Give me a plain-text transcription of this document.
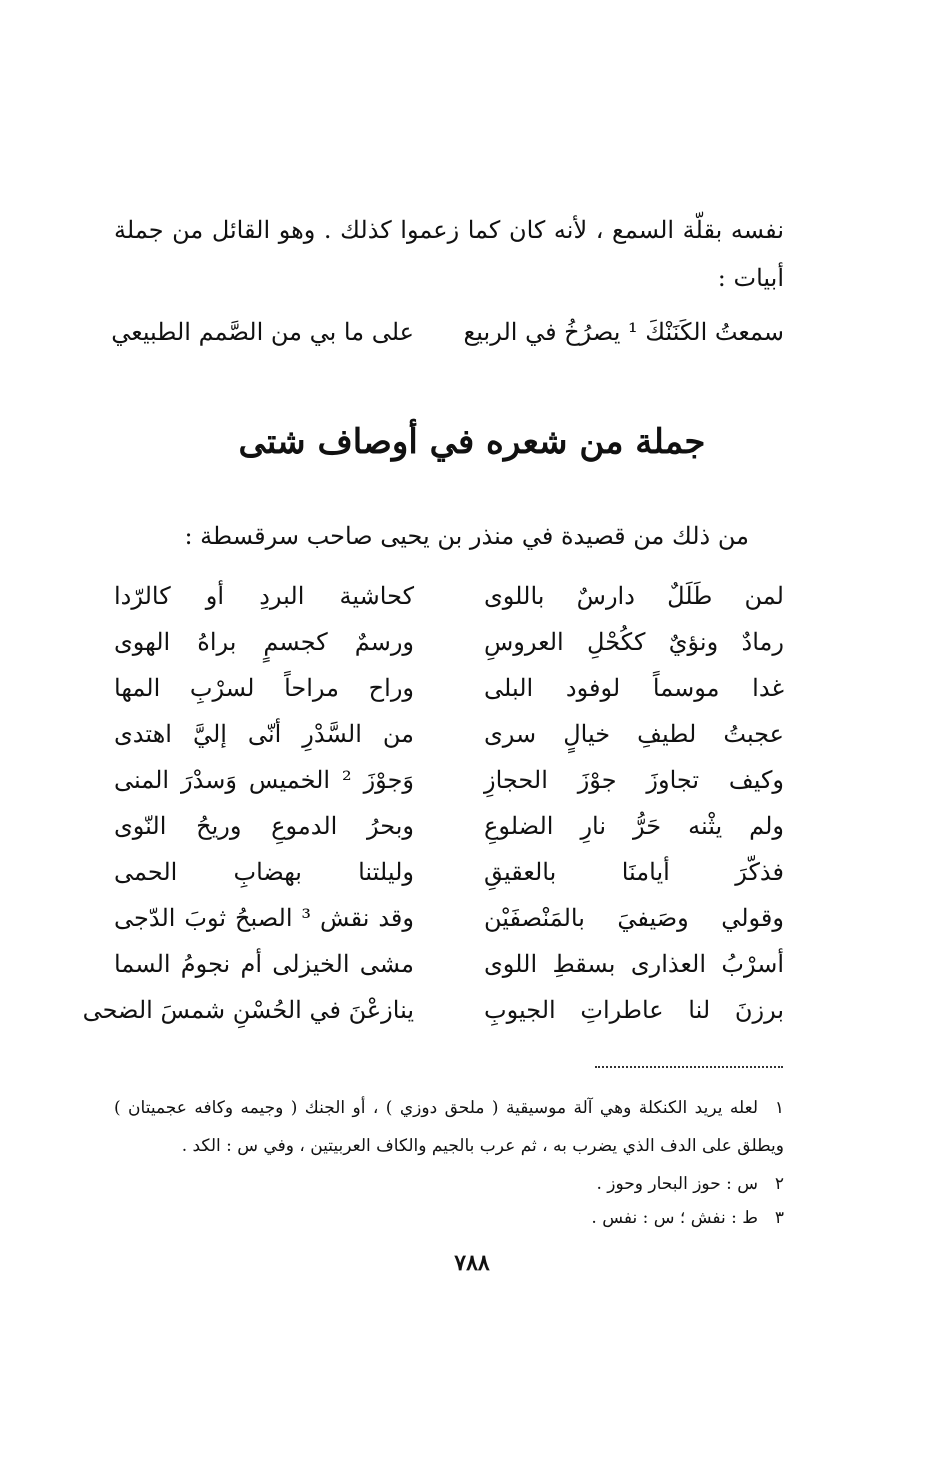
نفسه بقلّة السمع ، لأنه كان كما زعموا كذلك . وهو القائل من جملة
أبيات :
سمعتُ الكَنَنْكَ ¹ يصرُخُ في الربيع
على ما بي من الصَّمم الطبيعي
جملة من شعره في أوصاف شتى
من ذلك من قصيدة في منذر بن يحيى صاحب سرقسطة :
لمن طَلَلٌ دارسٌ باللوى
كحاشية البردِ أو كالرّدا
رمادٌ ونؤيٌ ككُحْلِ العروسِ
ورسمٌ كجسمٍ براهُ الهوى
غدا موسماً لوفود البلى
وراح مراحاً لسرْبِ المها
عجبتُ لطيفِ خيالٍ سرى
من السَّدْرِ أنّى إليَّ اهتدى
وكيف تجاوزَ جوْزَ الحجازِ
وَجوْزَ ² الخميس وَسدْرَ المنى
ولم يثْنه حَرُّ نارِ الضلوعِ
وبحرُ الدموعِ وريحُ النّوى
فذكّرَ أيامنَا بالعقيقِ
وليلتنا بهضابِ الحمى
وقولي وصَيفيَ بالمَنْصفَيْن
وقد نقش ³ الصبحُ ثوبَ الدّجى
أسرْبُ العذارى بسقطِ اللوى
مشى الخيزلى أم نجومُ السما
برزنَ لنا عاطراتِ الجيوبِ
ينازعْنَ في الحُسْنِ شمسَ الضحى
١لعله يريد الكنكلة وهي آلة موسيقية ( ملحق دوزي ) ، أو الجنك ( وجيمه وكافه عجميتان )
ويطلق على الدف الذي يضرب به ، ثم عرب بالجيم والكاف العربيتين ، وفي س : الكد .
٢س : حوز البحار وحوز .
٣ط : نفش ؛ س : نفس .
٧٨٨
